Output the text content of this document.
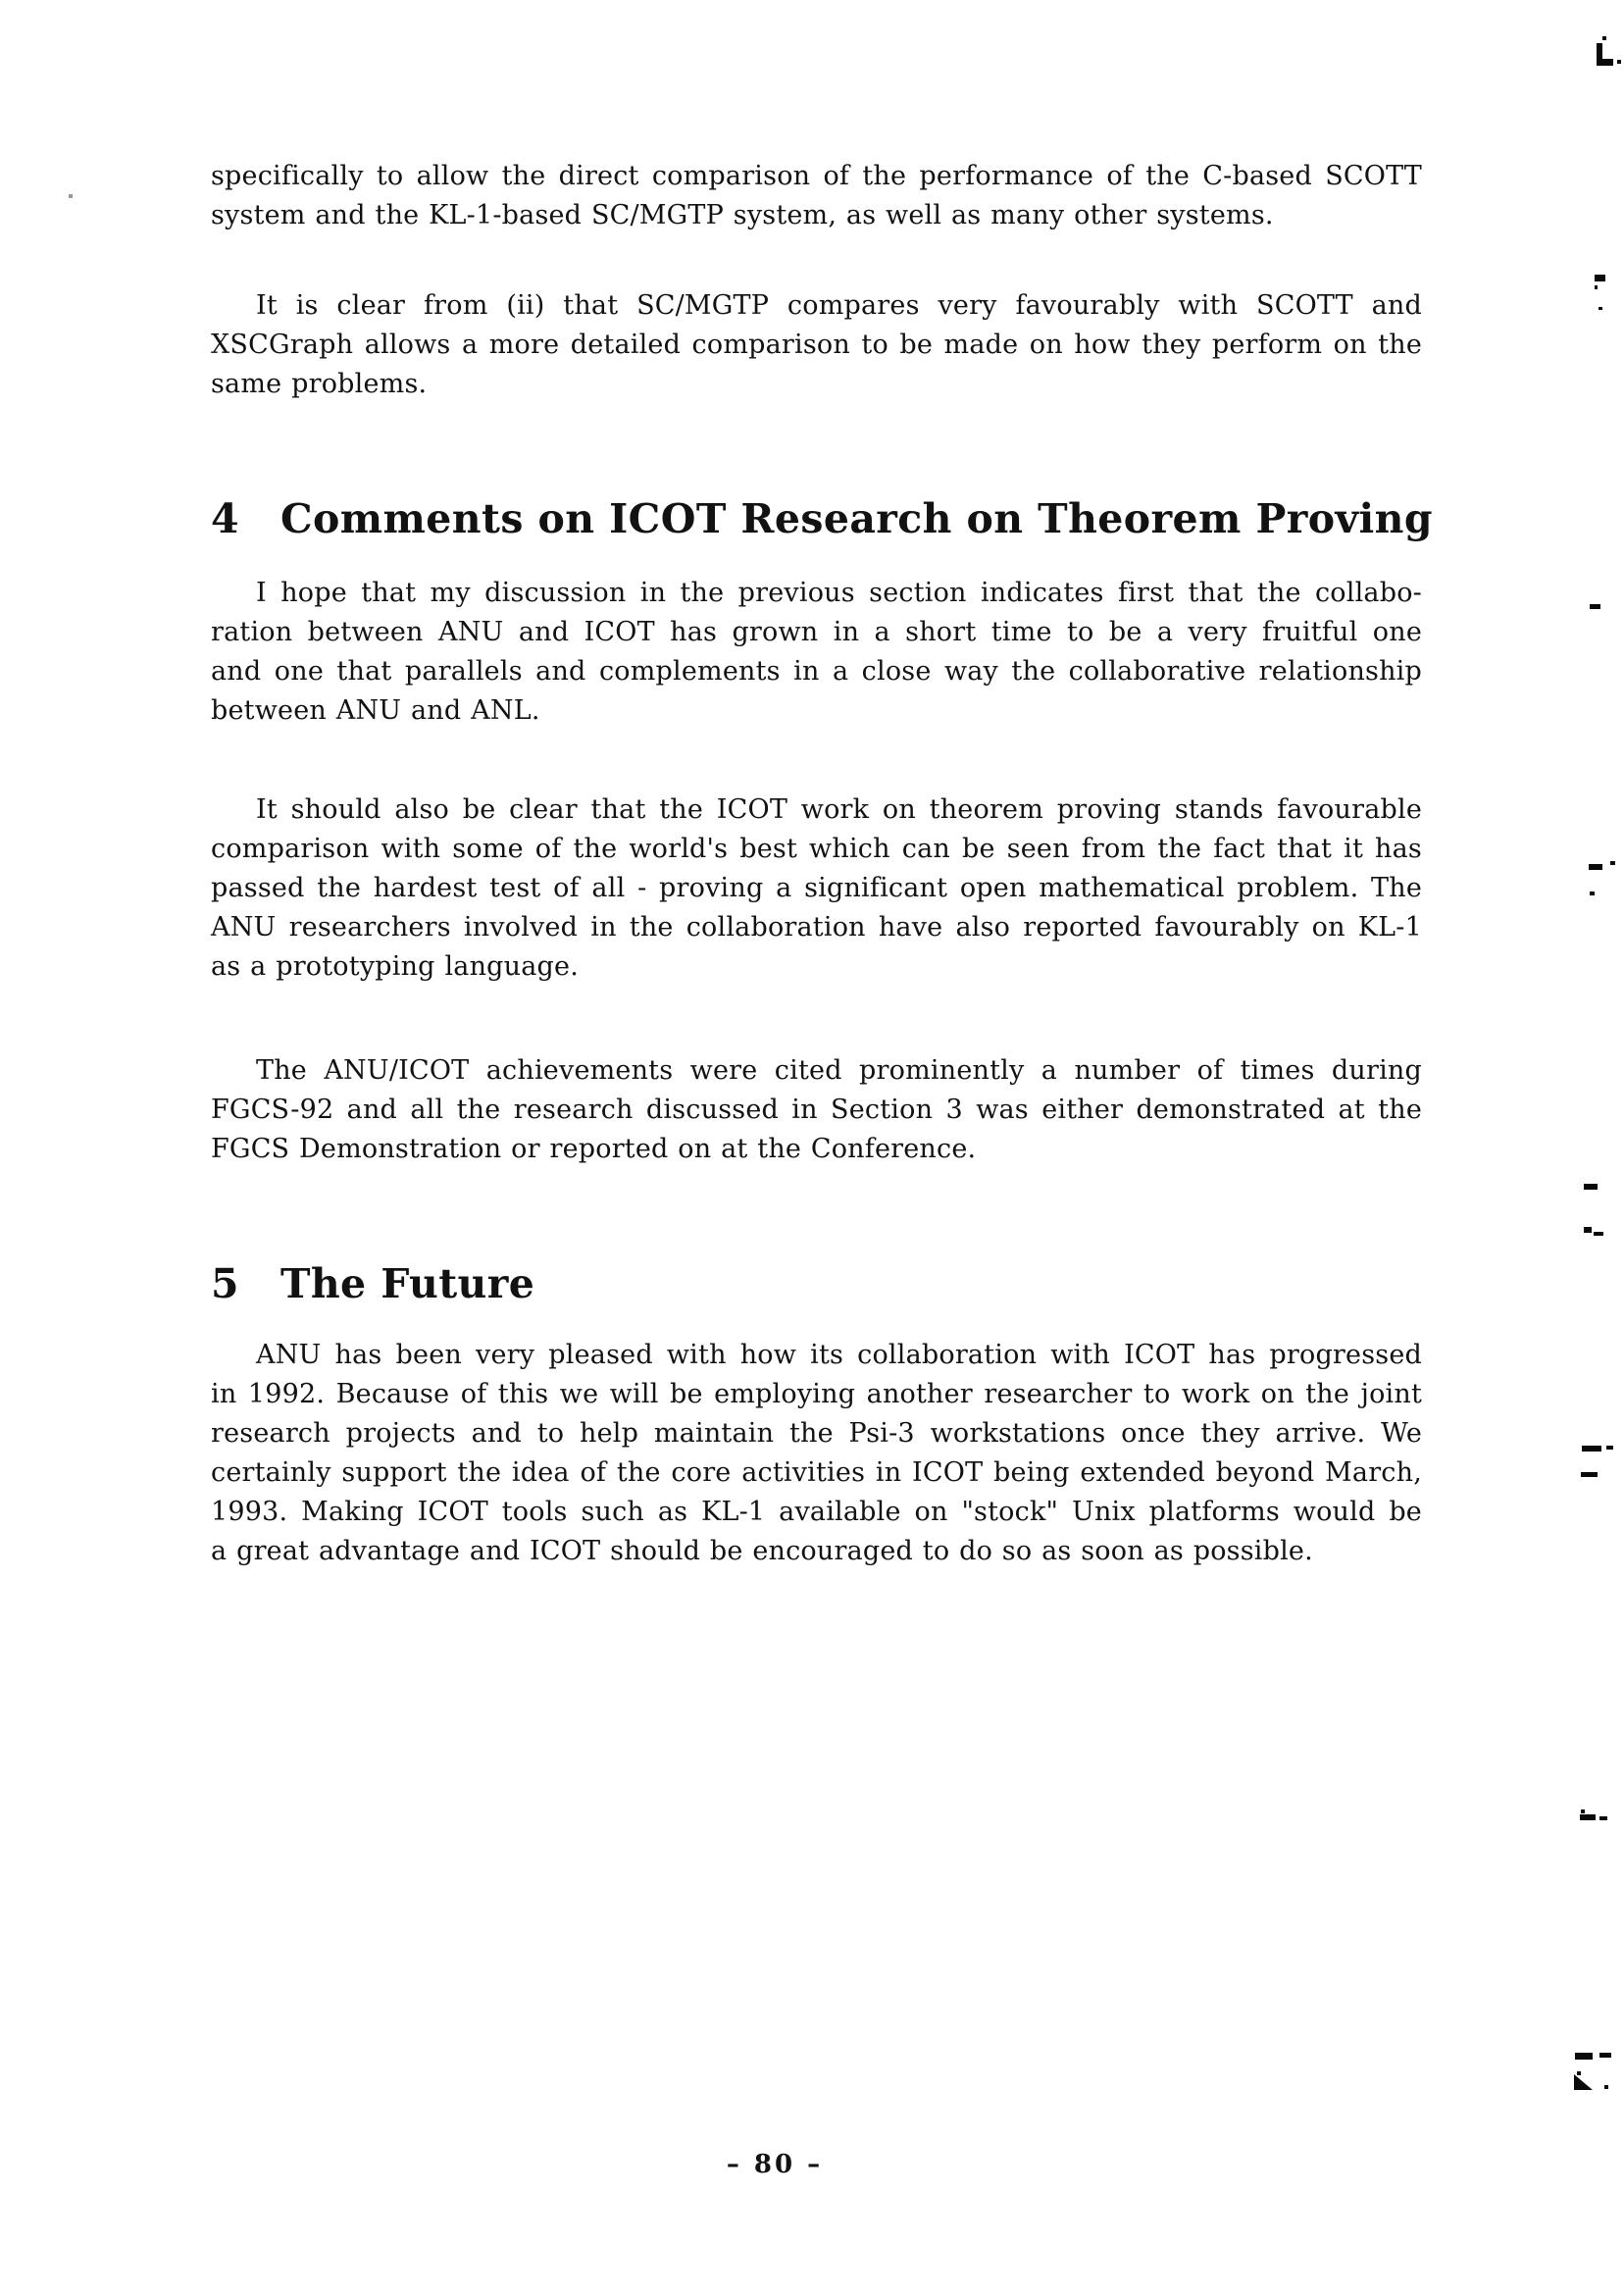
specifically to allow the direct comparison of the performance of the C-based SCOTT
system and the KL-1-based SC/MGTP system, as well as many other systems.
It is clear from (ii) that SC/MGTP compares very favourably with SCOTT and
XSCGraph allows a more detailed comparison to be made on how they perform on the
same problems.
4 Comments on ICOT Research on Theorem Proving
I hope that my discussion in the previous section indicates first that the collabo-
ration between ANU and ICOT has grown in a short time to be a very fruitful one
and one that parallels and complements in a close way the collaborative relationship
between ANU and ANL.
It should also be clear that the ICOT work on theorem proving stands favourable
comparison with some of the world's best which can be seen from the fact that it has
passed the hardest test of all - proving a significant open mathematical problem. The
ANU researchers involved in the collaboration have also reported favourably on KL-1
as a prototyping language.
The ANU/ICOT achievements were cited prominently a number of times during
FGCS-92 and all the research discussed in Section 3 was either demonstrated at the
FGCS Demonstration or reported on at the Conference.
5 The Future
ANU has been very pleased with how its collaboration with ICOT has progressed
in 1992. Because of this we will be employing another researcher to work on the joint
research projects and to help maintain the Psi-3 workstations once they arrive. We
certainly support the idea of the core activities in ICOT being extended beyond March,
1993. Making ICOT tools such as KL-1 available on "stock" Unix platforms would be
a great advantage and ICOT should be encouraged to do so as soon as possible.
– 80 –
